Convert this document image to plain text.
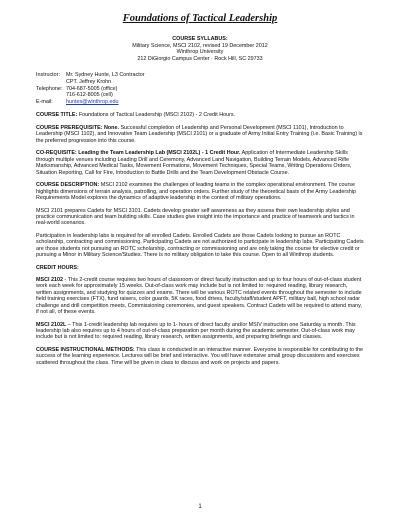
Foundations of Tactical Leadership
COURSE SYLLABUS:
Military Science, MSCI 2102, revised 19 December 2012
Winthrop University
212 DiGiorgio Campus Center · Rock Hill, SC 29733
Instructor:	Mr. Sydney Hunte, L3 Contractor
CPT. Jeffrey Krohn
Telephone: 704-687-5005 (office)
716-612-8005 (cell)
E-mail:	huntes@winthrop.edu

COURSE TITLE: Foundations of Tactical Leadership (MSCI 2102) - 2 Credit Hours.

COURSE PREREQUISITE: None. Successful completion of Leadership and Personal Development (MSCI 1101), Introduction to Leadership (MSCI 1102), and Innovative Team Leadership (MSCI 2101) or a graduate of Army Initial Entry Training (i.e. Basic Training) is the preferred progression into this course.

CO-REQUISITE: Leading the Team Leadership Lab (MSCI 2102L) - 1 Credit Hour. Application of Intermediate Leadership Skills through multiple venues including Leading Drill and Ceremony, Advanced Land Navigation, Building Terrain Models, Advanced Rifle Marksmanship, Advanced Medical Tasks, Movement Formations, Movement Techniques, Special Teams, Writing Operations Orders, Situation Reporting, Call for Fire, Introduction to Battle Drills and the Team Development Obstacle Course.

COURSE DESCRIPTION: MSCI 2102 examines the challenges of leading teams in the complex operational environment. The course highlights dimensions of terrain analysis, patrolling, and operation orders. Further study of the theoretical basis of the Army Leadership Requirements Model explores the dynamics of adaptive leadership in the context of military operations.

MSCI 2101 prepares Cadets for MSCI 3101. Cadets develop greater self awareness as they assess their own leadership styles and practice communication and team building skills. Case studies give insight into the importance and practice of teamwork and tactics in real-world scenarios.

Participation in leadership labs is required for all enrolled Cadets. Enrolled Cadets are those Cadets looking to pursue an ROTC scholarship, contracting and commissioning. Participating Cadets are not authorized to participate in leadership labs. Participating Cadets are those students not pursuing an ROTC scholarship, contracting or commissioning and are only taking the course for elective credit or pursuing a Minor in Military Science/Studies. There is no military obligation to take this course. Open to all Winthrop students.

CREDIT HOURS:

MSCI 2102 - This 2-credit course requires two hours of classroom or direct faculty instruction and up to four hours of out-of-class student work each week for approximately 15 weeks. Out-of-class work may include but is not limited to: required reading, library research, written assignments, and studying for quizzes and exams. There will be various ROTC related events throughout the semester to include field training exercises (FTX), fund raisers, color guards, 5K races, food drives, faculty/staff/student APFT, military ball, high school radar challenge and drill competition meets, Commissioning ceremonies, and guest speakers. Contract Cadets will be required to attend many, if not all, of these events.

MSCI 2102L – This 1-credit leadership lab requires up to 1- hours of direct faculty and/or MSIV instruction one Saturday a month. This leadership lab also requires up to 4 hours of out-of-class preparation per month during the academic semester. Out-of-class work may include but is not limited to: required reading, library research, written assignments, and preparing briefings and classes.

COURSE INSTRUCTIONAL METHODS: This class is conducted in an interactive manner. Everyone is responsible for contributing to the success of the learning experience. Lectures will be brief and interactive. You will have extensive small group discussions and exercises scattered throughout the class. Time will be given in class to discuss and work on projects and papers.

1
